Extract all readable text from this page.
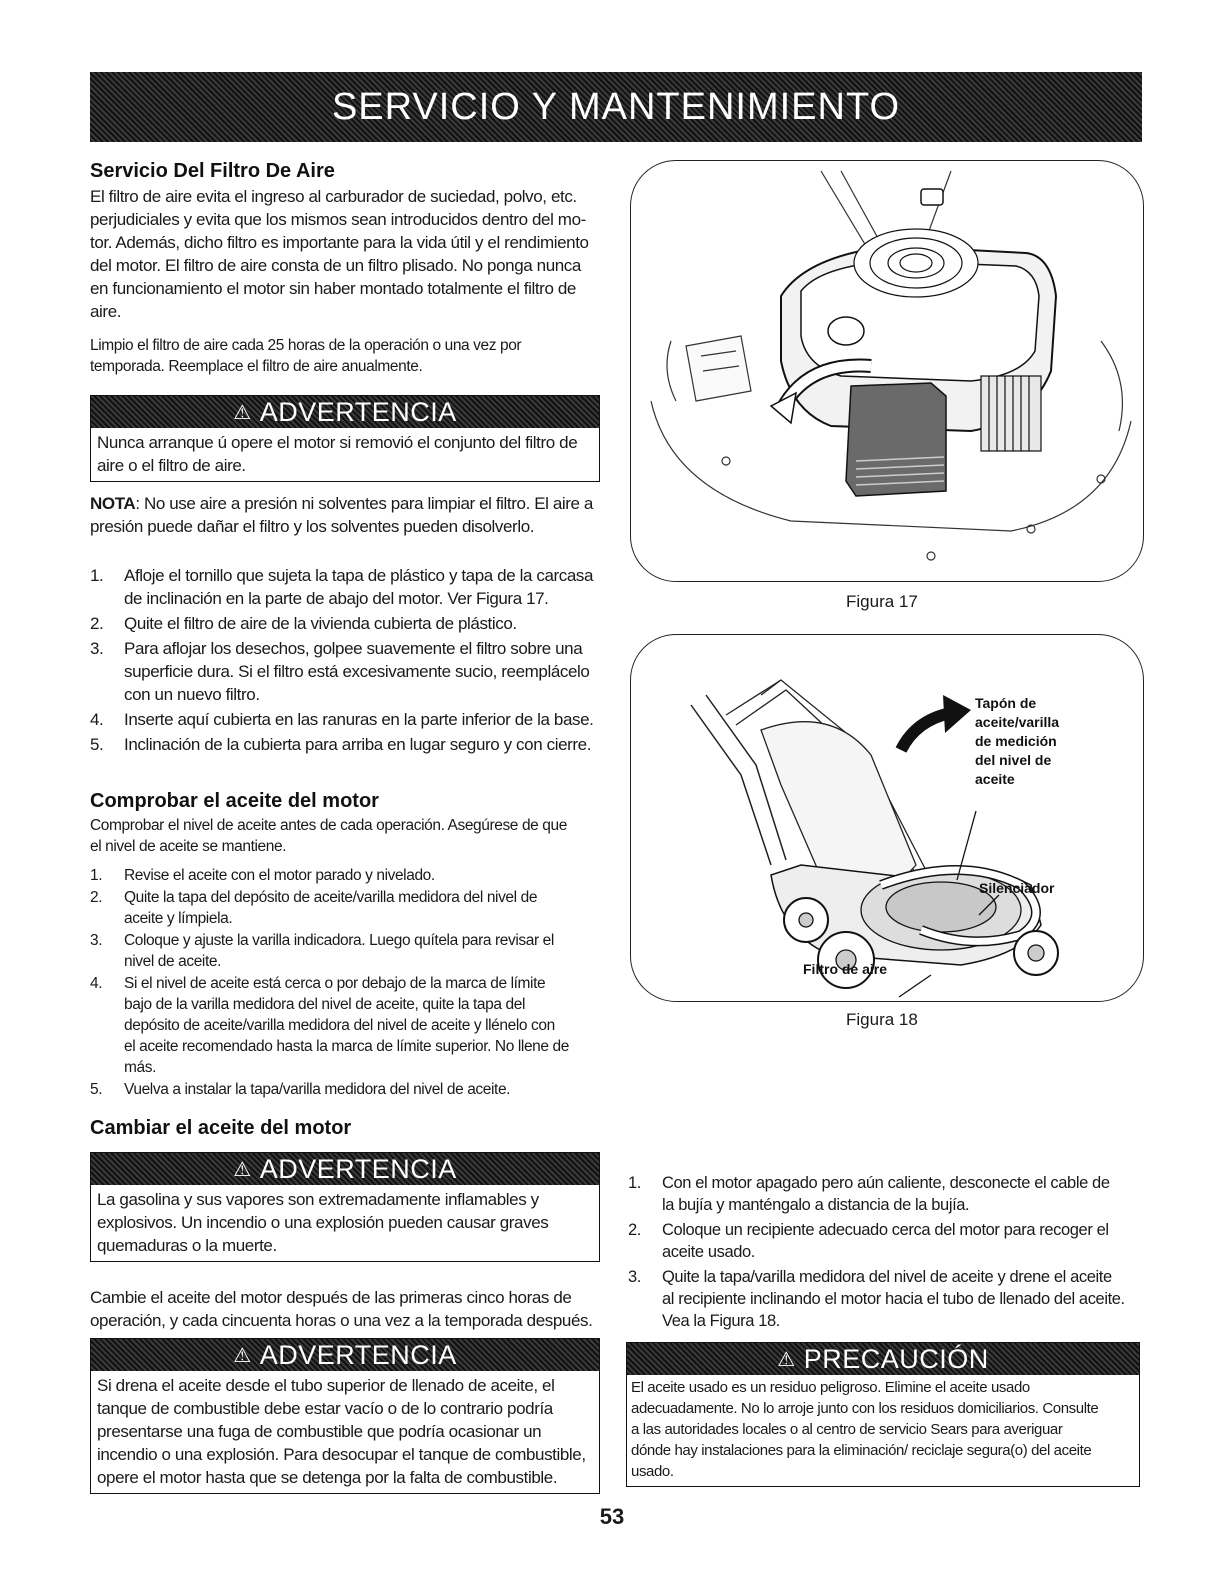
SERVICIO Y MANTENIMIENTO
Servicio Del Filtro De Aire
El filtro de aire evita el ingreso al carburador de suciedad, polvo, etc.
perjudiciales y evita que los mismos sean introducidos dentro del mo-
tor. Además, dicho filtro es importante para la vida útil y el rendimiento
del motor. El filtro de aire consta de un filtro plisado. No ponga nunca
en funcionamiento el motor sin haber montado totalmente el filtro de
aire.
Limpio el filtro de aire cada 25 horas de la operación o una vez por
temporada. Reemplace el filtro de aire anualmente.
⚠ ADVERTENCIA
Nunca arranque ú opere el motor si removió el conjunto del filtro de
aire o el filtro de aire.
NOTA: No use aire a presión ni solventes para limpiar el filtro. El aire a
presión puede dañar el filtro y los solventes pueden disolverlo.
1. Afloje el tornillo que sujeta la tapa de plástico y tapa de la carcasa
de inclinación en la parte de abajo del motor. Ver Figura 17.
2. Quite el filtro de aire de la vivienda cubierta de plástico.
3. Para aflojar los desechos, golpee suavemente el filtro sobre una
superficie dura. Si el filtro está excesivamente sucio, reemplácelo
con un nuevo filtro.
4. Inserte aquí cubierta en las ranuras en la parte inferior de la base.
5. Inclinación de la cubierta para arriba en lugar seguro y con cierre.
Comprobar el aceite del motor
Comprobar el nivel de aceite antes de cada operación. Asegúrese de que
el nivel de aceite se mantiene.
1. Revise el aceite con el motor parado y nivelado.
2. Quite la tapa del depósito de aceite/varilla medidora del nivel de
aceite y límpiela.
3. Coloque y ajuste la varilla indicadora. Luego quítela para revisar el
nivel de aceite.
4. Si el nivel de aceite está cerca o por debajo de la marca de límite
bajo de la varilla medidora del nivel de aceite, quite la tapa del
depósito de aceite/varilla medidora del nivel de aceite y llénelo con
el aceite recomendado hasta la marca de límite superior. No llene de
más.
5. Vuelva a instalar la tapa/varilla medidora del nivel de aceite.
Cambiar el aceite del motor
⚠ ADVERTENCIA
La gasolina y sus vapores son extremadamente inflamables y
explosivos. Un incendio o una explosión pueden causar graves
quemaduras o la muerte.
Cambie el aceite del motor después de las primeras cinco horas de
operación, y cada cincuenta horas o una vez a la temporada después.
⚠ ADVERTENCIA
Si drena el aceite desde el tubo superior de llenado de aceite, el
tanque de combustible debe estar vacío o de lo contrario podría
presentarse una fuga de combustible que podría ocasionar un
incendio o una explosión. Para desocupar el tanque de combustible,
opere el motor hasta que se detenga por la falta de combustible.
53
Figura 17
Tapón de
aceite/varilla
de medición
del nivel de
aceite
Silenciador
Filtro de aire
Figura 18
1. Con el motor apagado pero aún caliente, desconecte el cable de
la bujía y manténgalo a distancia de la bujía.
2. Coloque un recipiente adecuado cerca del motor para recoger el
aceite usado.
3. Quite la tapa/varilla medidora del nivel de aceite y drene el aceite
al recipiente inclinando el motor hacia el tubo de llenado del aceite.
Vea la Figura 18.
⚠ PRECAUCIÓN
El aceite usado es un residuo peligroso. Elimine el aceite usado
adecuadamente. No lo arroje junto con los residuos domiciliarios. Consulte
a las autoridades locales o al centro de servicio Sears para averiguar
dónde hay instalaciones para la eliminación/ reciclaje segura(o) del aceite
usado.
